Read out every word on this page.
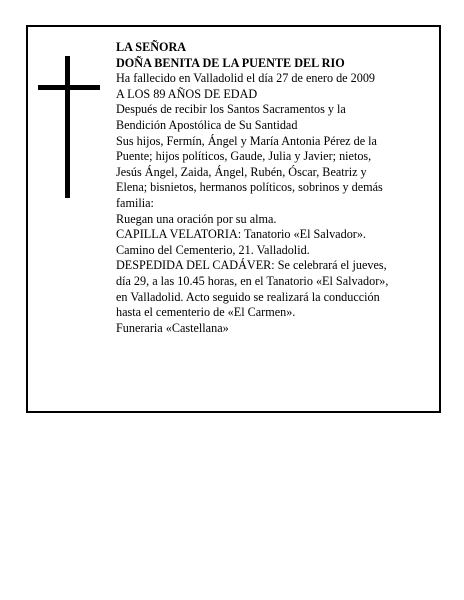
LA SEÑORA
DOÑA BENITA DE LA PUENTE DEL RIO
Ha fallecido en Valladolid el día 27 de enero de 2009
A LOS 89 AÑOS DE EDAD
Después de recibir los Santos Sacramentos y la
Bendición Apostólica de Su Santidad
Sus hijos, Fermín, Ángel y María Antonia Pérez de la
Puente; hijos políticos, Gaude, Julia y Javier; nietos,
Jesús Ángel, Zaida, Ángel, Rubén, Óscar, Beatriz y
Elena; bisnietos, hermanos políticos, sobrinos y demás
familia:
Ruegan una oración por su alma.
CAPILLA VELATORIA: Tanatorio «El Salvador».
Camino del Cementerio, 21. Valladolid.
DESPEDIDA DEL CADÁVER: Se celebrará el jueves,
día 29, a las 10.45 horas, en el Tanatorio «El Salvador»,
en Valladolid. Acto seguido se realizará la conducción
hasta el cementerio de «El Carmen».
Funeraria «Castellana»
